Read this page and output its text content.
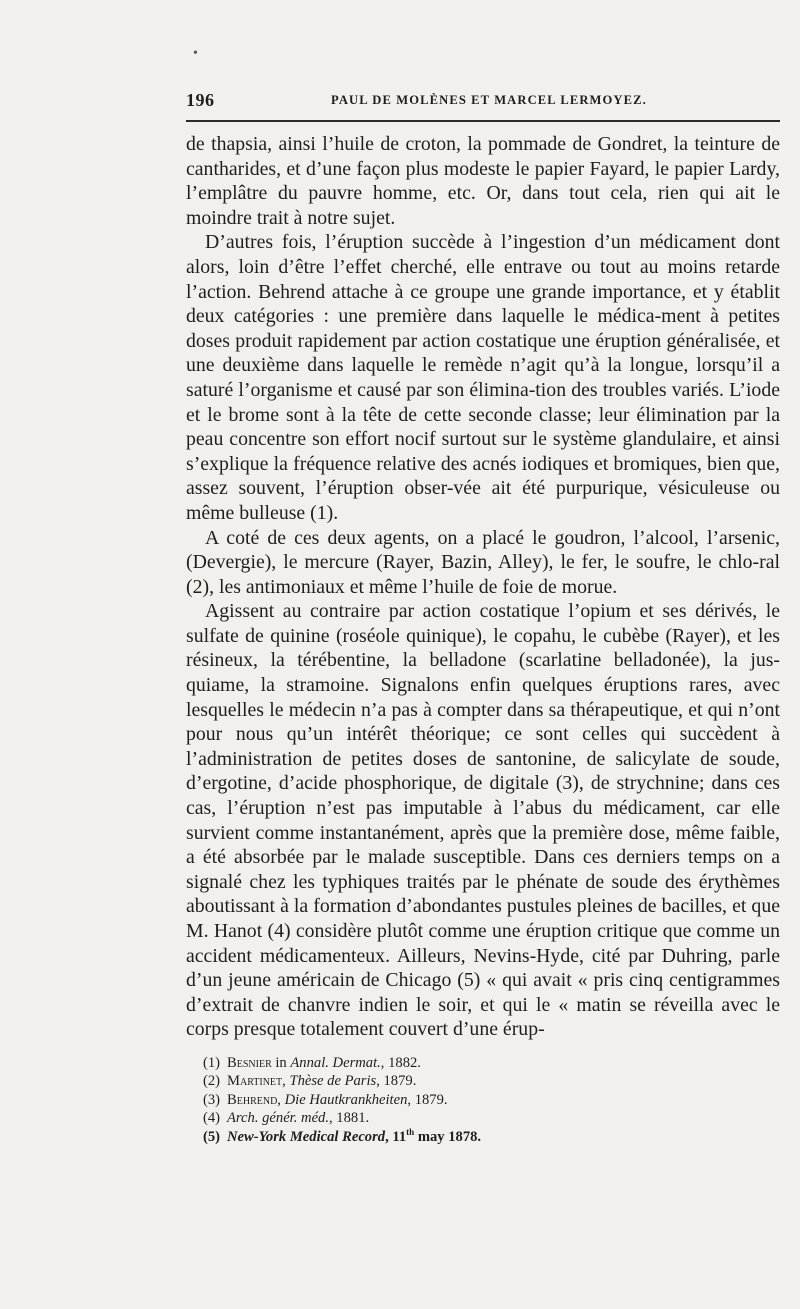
•
196	PAUL DE MOLÈNES ET MARCEL LERMOYEZ.

de thapsia, ainsi l’huile de croton, la pommade de Gondret, la teinture de cantharides, et d’une façon plus modeste le papier Fayard, le papier Lardy, l’emplâtre du pauvre homme, etc. Or, dans tout cela, rien qui ait le moindre trait à notre sujet.

D’autres fois, l’éruption succède à l’ingestion d’un médicament dont alors, loin d’être l’effet cherché, elle entrave ou tout au moins retarde l’action. Behrend attache à ce groupe une grande importance, et y établit deux catégories : une première dans laquelle le médica-ment à petites doses produit rapidement par action costatique une éruption généralisée, et une deuxième dans laquelle le remède n’agit qu’à la longue, lorsqu’il a saturé l’organisme et causé par son élimina-tion des troubles variés. L’iode et le brome sont à la tête de cette seconde classe; leur élimination par la peau concentre son effort nocif surtout sur le système glandulaire, et ainsi s’explique la fréquence relative des acnés iodiques et bromiques, bien que, assez souvent, l’éruption obser-vée ait été purpurique, vésiculeuse ou même bulleuse (1).

A coté de ces deux agents, on a placé le goudron, l’alcool, l’arsenic, (Devergie), le mercure (Rayer, Bazin, Alley), le fer, le soufre, le chlo-ral (2), les antimoniaux et même l’huile de foie de morue.

Agissent au contraire par action costatique l’opium et ses dérivés, le sulfate de quinine (roséole quinique), le copahu, le cubèbe (Rayer), et les résineux, la térébentine, la belladone (scarlatine belladonée), la jus-quiame, la stramoine. Signalons enfin quelques éruptions rares, avec lesquelles le médecin n’a pas à compter dans sa thérapeutique, et qui n’ont pour nous qu’un intérêt théorique; ce sont celles qui succèdent à l’administration de petites doses de santonine, de salicylate de soude, d’ergotine, d’acide phosphorique, de digitale (3), de strychnine; dans ces cas, l’éruption n’est pas imputable à l’abus du médicament, car elle survient comme instantanément, après que la première dose, même faible, a été absorbée par le malade susceptible. Dans ces derniers temps on a signalé chez les typhiques traités par le phénate de soude des érythèmes aboutissant à la formation d’abondantes pustules pleines de bacilles, et que M. Hanot (4) considère plutôt comme une éruption critique que comme un accident médicamenteux. Ailleurs, Nevins-Hyde, cité par Duhring, parle d’un jeune américain de Chicago (5) « qui avait « pris cinq centigrammes d’extrait de chanvre indien le soir, et qui le « matin se réveilla avec le corps presque totalement couvert d’une érup-

(1) Besnier in Annal. Dermat., 1882.
(2) Martinet, Thèse de Paris, 1879.
(3) Behrend, Die Hautkrankheiten, 1879.
(4) Arch. génér. méd., 1881.
(5) New-York Medical Record, 11th may 1878.
